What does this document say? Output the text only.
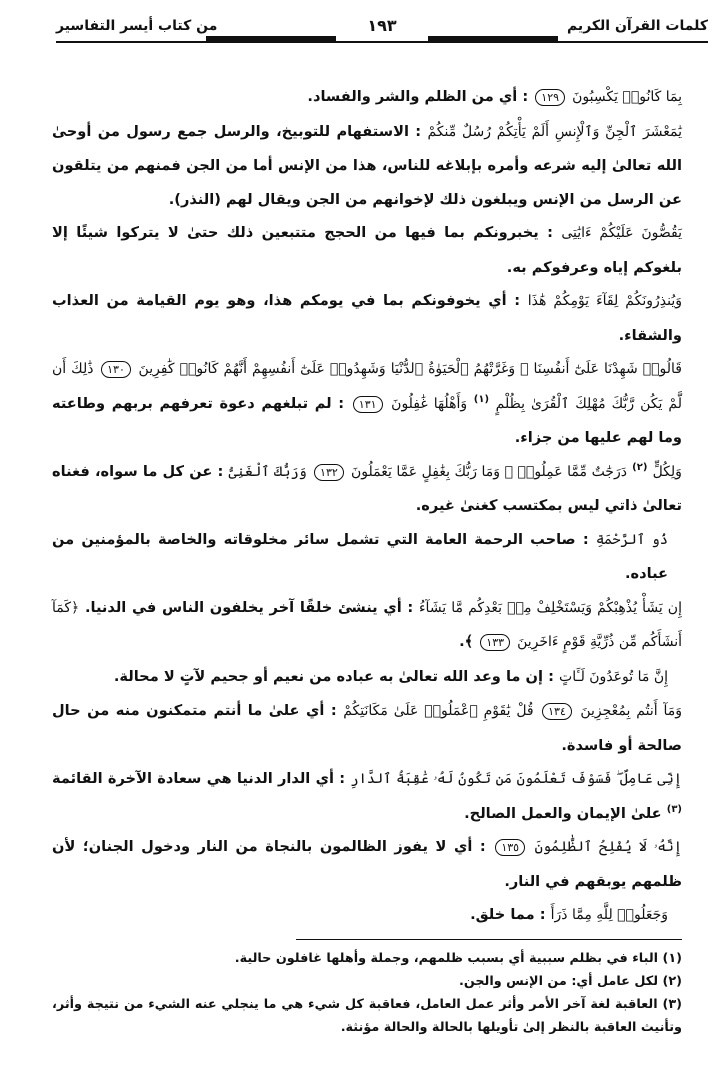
كلمات القرآن الكريم
١٩٣
من كتاب أيسر التفاسير

بِمَا كَانُوا۟ يَكْسِبُونَ ١٢٩ : أي من الظلم والشر والفساد.

يَٰمَعْشَرَ ٱلْجِنِّ وَٱلْإِنسِ أَلَمْ يَأْتِكُمْ رُسُلٌ مِّنكُمْ : الاستفهام للتوبيخ، والرسل جمع رسول من أوحىٰ الله تعالىٰ إليه شرعه وأمره بإبلاغه للناس، هذا من الإنس أما من الجن فمنهم من يتلقون عن الرسل من الإنس ويبلغون ذلك لإخوانهم من الجن ويقال لهم (النذر).

يَقُصُّونَ عَلَيْكُمْ ءَايَٰتِى : يخبرونكم بما فيها من الحجج متتبعين ذلك حتىٰ لا يتركوا شيئًا إلا بلغوكم إياه وعرفوكم به.

وَيُنذِرُونَكُمْ لِقَآءَ يَوْمِكُمْ هَٰذَا : أي يخوفونكم بما في يومكم هذا، وهو يوم القيامة من العذاب والشقاء.

قَالُوا۟ شَهِدْنَا عَلَىٰٓ أَنفُسِنَا ۖ وَغَرَّتْهُمُ ٱلْحَيَوٰةُ ٱلدُّنْيَا وَشَهِدُوا۟ عَلَىٰٓ أَنفُسِهِمْ أَنَّهُمْ كَانُوا۟ كَٰفِرِينَ ١٣٠ ذَٰلِكَ أَن لَّمْ يَكُن رَّبُّكَ مُهْلِكَ ٱلْقُرَىٰ بِظُلْمٍ $^{(١)}$ وَأَهْلُهَا غَٰفِلُونَ ١٣١ : لم تبلغهم دعوة تعرفهم بربهم وطاعته وما لهم عليها من جزاء.

وَلِكُلٍّ $^{(٢)}$ دَرَجَٰتٌ مِّمَّا عَمِلُوا۟ ۚ وَمَا رَبُّكَ بِغَٰفِلٍ عَمَّا يَعْمَلُونَ ١٣٢ وَرَبُّكَ ٱلْغَنِىُّ : عن كل ما سواه، فغناه تعالىٰ ذاتي ليس بمكتسب كغنىٰ غيره.

ذُو ٱلرَّحْمَةِ : صاحب الرحمة العامة التي تشمل سائر مخلوقاته والخاصة بالمؤمنين من عباده.

إِن يَشَأْ يُذْهِبْكُمْ وَيَسْتَخْلِفْ مِنۢ بَعْدِكُم مَّا يَشَآءُ : أي ينشئ خلقًا آخر يخلفون الناس في الدنيا. ﴿كَمَآ أَنشَأَكُم مِّن ذُرِّيَّةِ قَوْمٍ ءَاخَرِينَ ١٣٣ ﴾.

إِنَّ مَا تُوعَدُونَ لَـَٔاتٍ : إن ما وعد الله تعالىٰ به عباده من نعيم أو جحيم لآتٍ لا محالة.

وَمَآ أَنتُم بِمُعْجِزِينَ ١٣٤ قُلْ يَٰقَوْمِ ٱعْمَلُوا۟ عَلَىٰ مَكَانَتِكُمْ : أي علىٰ ما أنتم متمكنون منه من حال صالحة أو فاسدة.

إِنِّى عَامِلٌ ۖ فَسَوْفَ تَعْلَمُونَ مَن تَكُونُ لَهُۥ عَٰقِبَةُ ٱلدَّارِ : أي الدار الدنيا هي سعادة الآخرة القائمة $^{(٣)}$ علىٰ الإيمان والعمل الصالح.

إِنَّهُۥ لَا يُفْلِحُ ٱلظَّٰلِمُونَ ١٣٥ : أي لا يفوز الظالمون بالنجاة من النار ودخول الجنان؛ لأن ظلمهم يوبقهم في النار.

وَجَعَلُوا۟ لِلَّهِ مِمَّا ذَرَأَ : مما خلق.

(١) الباء في بظلم سببية أي بسبب ظلمهم، وجملة وأهلها غافلون حالية.

(٢) لكل عامل أي: من الإنس والجن.

(٣) العاقبة لغة آخر الأمر وأثر عمل العامل، فعاقبة كل شيء هي ما ينجلي عنه الشيء من نتيجة وأثر، وتأنيث العاقبة بالنظر إلىٰ تأويلها بالحالة والحالة مؤنثة.
